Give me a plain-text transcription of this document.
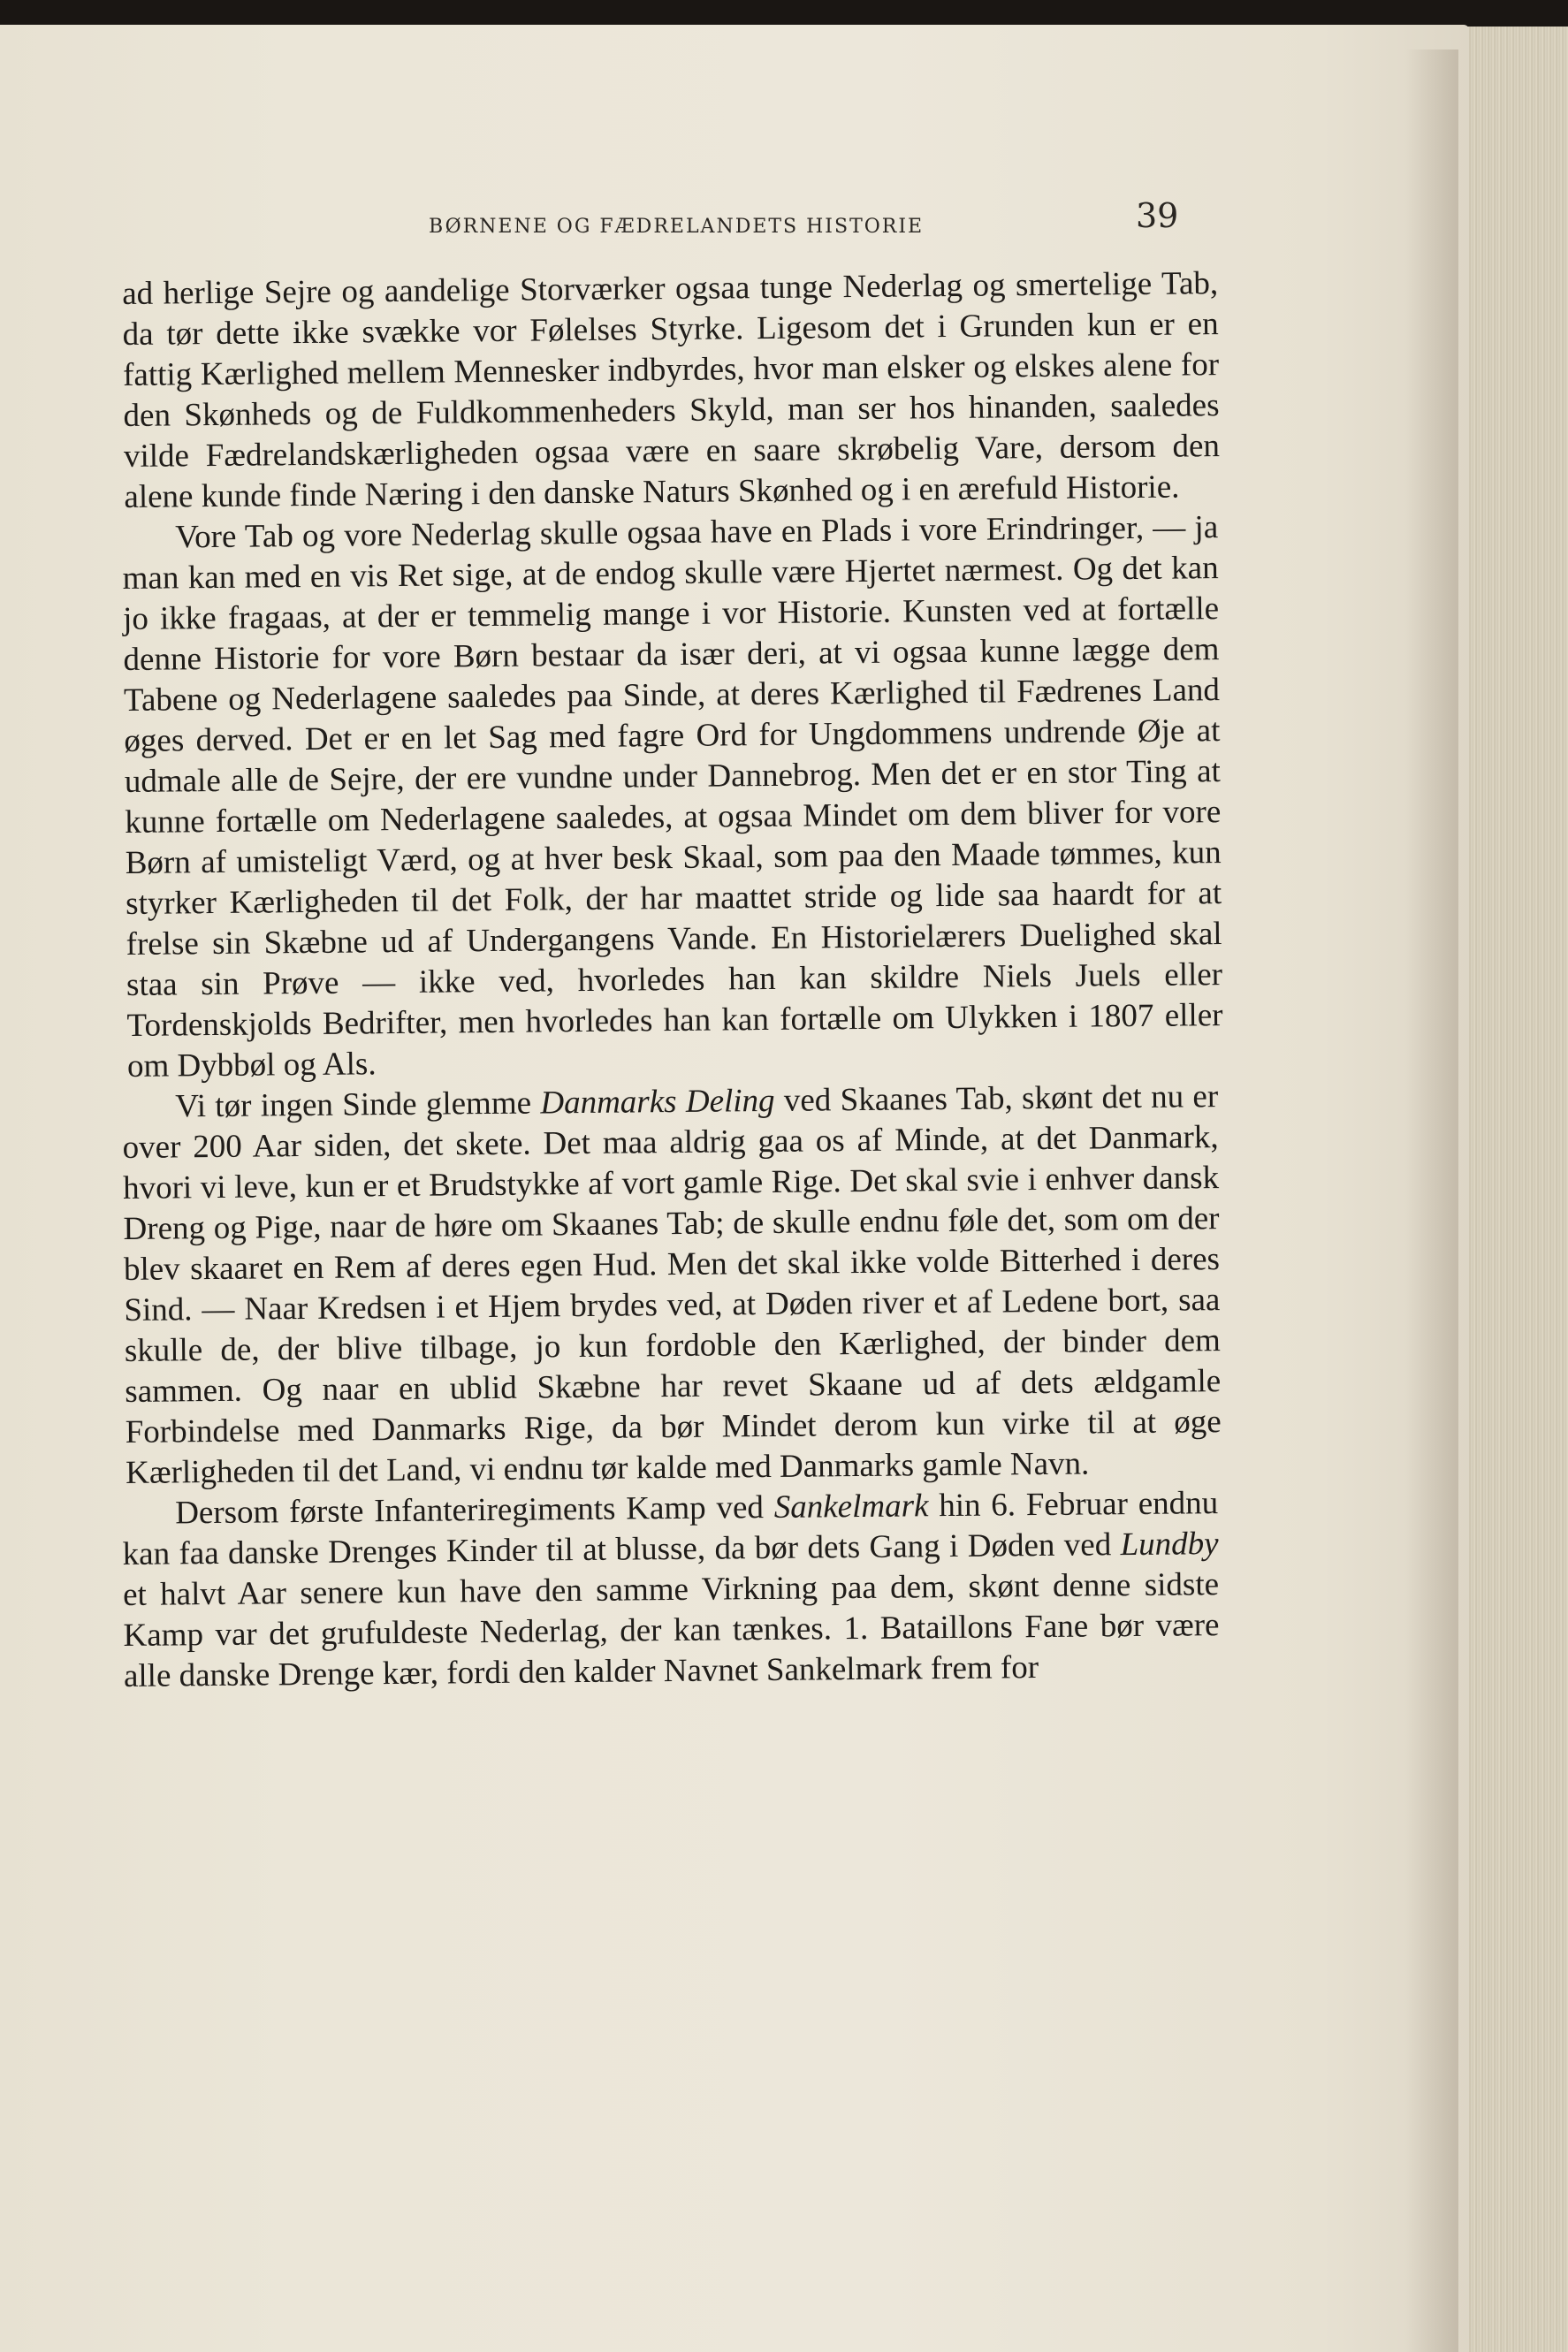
BØRNENE OG FÆDRELANDETS HISTORIE	39

ad herlige Sejre og aandelige Storværker ogsaa tunge Nederlag og smertelige Tab, da tør dette ikke svække vor Følelses Styrke. Ligesom det i Grunden kun er en fattig Kærlighed mellem Mennesker indbyrdes, hvor man elsker og elskes alene for den Skønheds og de Fuldkommenheders Skyld, man ser hos hinanden, saaledes vilde Fædrelandskærligheden ogsaa være en saare skrøbelig Vare, dersom den alene kunde finde Næring i den danske Naturs Skønhed og i en ærefuld Historie.

Vore Tab og vore Nederlag skulle ogsaa have en Plads i vore Erindringer, — ja man kan med en vis Ret sige, at de endog skulle være Hjertet nærmest. Og det kan jo ikke fragaas, at der er temmelig mange i vor Historie. Kunsten ved at fortælle denne Historie for vore Børn bestaar da især deri, at vi ogsaa kunne lægge dem Tabene og Nederlagene saaledes paa Sinde, at deres Kærlighed til Fædrenes Land øges derved. Det er en let Sag med fagre Ord for Ungdommens undrende Øje at udmale alle de Sejre, der ere vundne under Dannebrog. Men det er en stor Ting at kunne fortælle om Nederlagene saaledes, at ogsaa Mindet om dem bliver for vore Børn af umisteligt Værd, og at hver besk Skaal, som paa den Maade tømmes, kun styrker Kærligheden til det Folk, der har maattet stride og lide saa haardt for at frelse sin Skæbne ud af Undergangens Vande. En Historielærers Duelighed skal staa sin Prøve — ikke ved, hvorledes han kan skildre Niels Juels eller Tordenskjolds Bedrifter, men hvorledes han kan fortælle om Ulykken i 1807 eller om Dybbøl og Als.

Vi tør ingen Sinde glemme Danmarks Deling ved Skaanes Tab, skønt det nu er over 200 Aar siden, det skete. Det maa aldrig gaa os af Minde, at det Danmark, hvori vi leve, kun er et Brudstykke af vort gamle Rige. Det skal svie i enhver dansk Dreng og Pige, naar de høre om Skaanes Tab; de skulle endnu føle det, som om der blev skaaret en Rem af deres egen Hud. Men det skal ikke volde Bitterhed i deres Sind. — Naar Kredsen i et Hjem brydes ved, at Døden river et af Ledene bort, saa skulle de, der blive tilbage, jo kun fordoble den Kærlighed, der binder dem sammen. Og naar en ublid Skæbne har revet Skaane ud af dets ældgamle Forbindelse med Danmarks Rige, da bør Mindet derom kun virke til at øge Kærligheden til det Land, vi endnu tør kalde med Danmarks gamle Navn.

Dersom første Infanteriregiments Kamp ved Sankelmark hin 6. Februar endnu kan faa danske Drenges Kinder til at blusse, da bør dets Gang i Døden ved Lundby et halvt Aar senere kun have den samme Virkning paa dem, skønt denne sidste Kamp var det grufuldeste Nederlag, der kan tænkes. 1. Bataillons Fane bør være alle danske Drenge kær, fordi den kalder Navnet Sankelmark frem for
